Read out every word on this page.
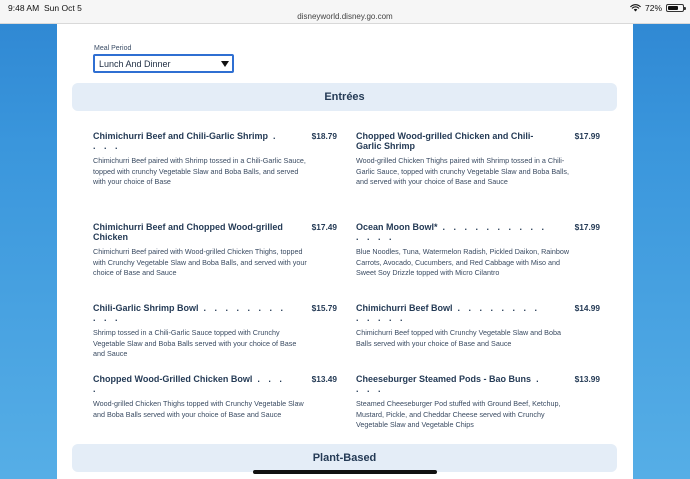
9:48 AM Sun Oct 5
disneyworld.disney.go.com
72%
Meal Period
Lunch And Dinner
Entrées
Chimichurri Beef and Chili-Garlic Shrimp . . . .
$18.79
Chimichurri Beef paired with Shrimp tossed in a Chili-Garlic Sauce, topped with crunchy Vegetable Slaw and Boba Balls, and served with your choice of Base
Chopped Wood-grilled Chicken and Chili-Garlic Shrimp
$17.99
Wood-grilled Chicken Thighs paired with Shrimp tossed in a Chili-Garlic Sauce, topped with crunchy Vegetable Slaw and Boba Balls, and served with your choice of Base and Sauce
Chimichurri Beef and Chopped Wood-grilled Chicken
$17.49
Chimichurri Beef paired with Wood-grilled Chicken Thighs, topped with Crunchy Vegetable Slaw and Boba Balls, and served with your choice of Base and Sauce
Ocean Moon Bowl* . . . . . . . . . . . . . .
$17.99
Blue Noodles, Tuna, Watermelon Radish, Pickled Daikon, Rainbow Carrots, Avocado, Cucumbers, and Red Cabbage with Miso and Sweet Soy Drizzle topped with Micro Cilantro
Chili-Garlic Shrimp Bowl . . . . . . . . . . .
$15.79
Shrimp tossed in a Chili-Garlic Sauce topped with Crunchy Vegetable Slaw and Boba Balls served with your choice of Base and Sauce
Chimichurri Beef Bowl . . . . . . . . . . . . .
$14.99
Chimichurri Beef topped with Crunchy Vegetable Slaw and Boba Balls served with your choice of Base and Sauce
Chopped Wood-Grilled Chicken Bowl . . . .
$13.49
Wood-grilled Chicken Thighs topped with Crunchy Vegetable Slaw and Boba Balls served with your choice of Base and Sauce
Cheeseburger Steamed Pods - Bao Buns . . . .
$13.99
Steamed Cheeseburger Pod stuffed with Ground Beef, Ketchup, Mustard, Pickle, and Cheddar Cheese served with Crunchy Vegetable Slaw and Vegetable Chips
Plant-Based
